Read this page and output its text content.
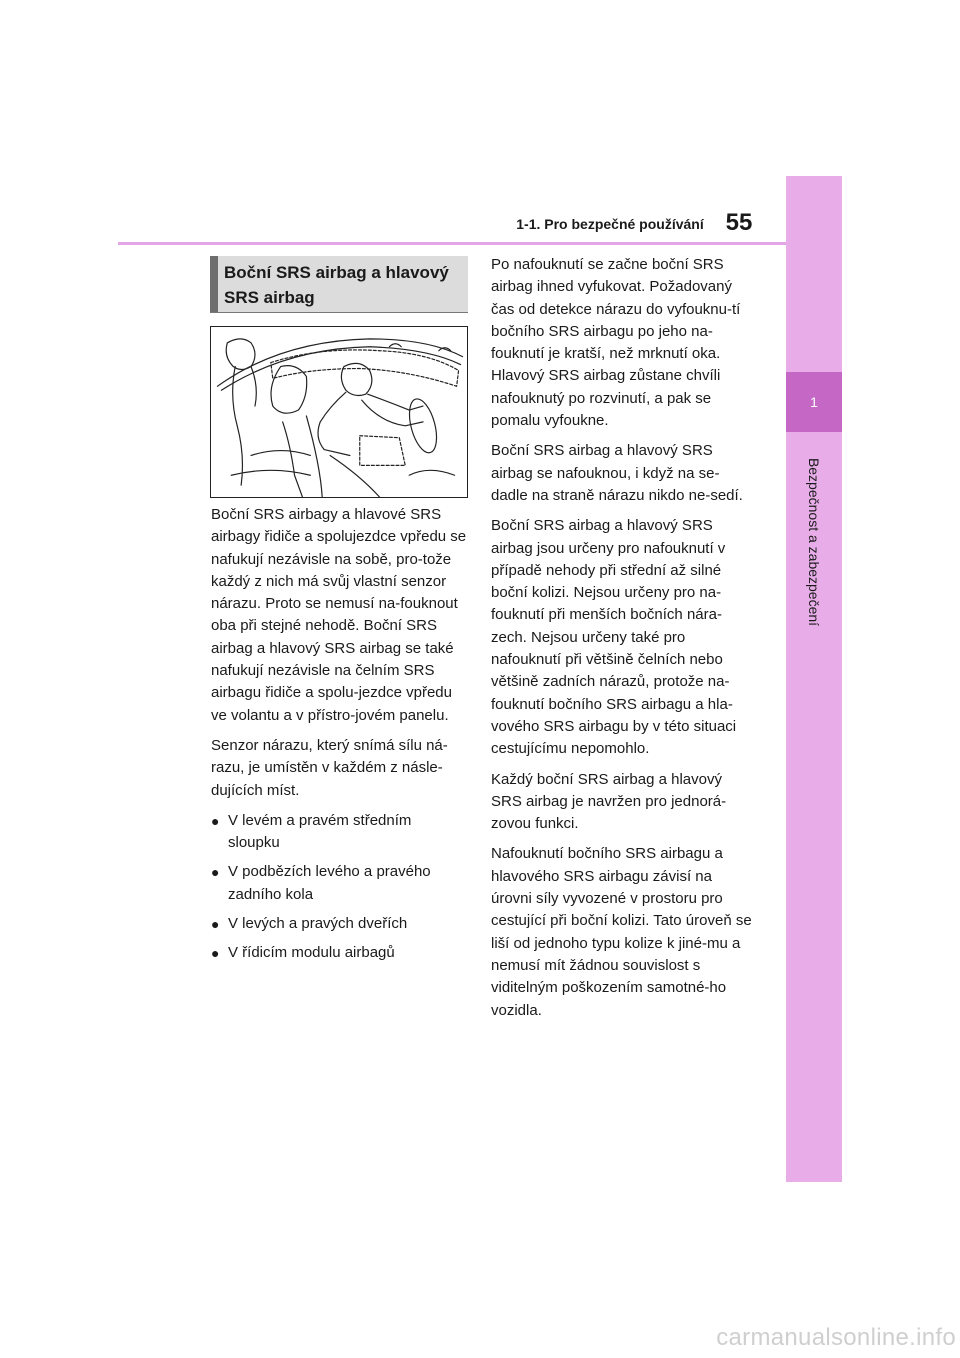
1-1. Pro bezpečné používání 55
1
Bezpečnost a zabezpečení
Boční SRS airbag a hlavový SRS airbag

Boční SRS airbagy a hlavové SRS airbagy řidiče a spolujezdce vpředu se nafukují nezávisle na sobě, pro-tože každý z nich má svůj vlastní senzor nárazu. Proto se nemusí na-fouknout oba při stejné nehodě. Boční SRS airbag a hlavový SRS airbag se také nafukují nezávisle na čelním SRS airbagu řidiče a spolu-jezdce vpředu ve volantu a v přístro-jovém panelu.

Senzor nárazu, který snímá sílu ná-razu, je umístěn v každém z násle-dujících míst.

● V levém a pravém středním sloupku
● V podbězích levého a pravého zadního kola
● V levých a pravých dveřích
● V řídicím modulu airbagů

Po nafouknutí se začne boční SRS airbag ihned vyfukovat. Požadovaný čas od detekce nárazu do vyfouknu-tí bočního SRS airbagu po jeho na-fouknutí je kratší, než mrknutí oka. Hlavový SRS airbag zůstane chvíli nafouknutý po rozvinutí, a pak se pomalu vyfoukne.

Boční SRS airbag a hlavový SRS airbag se nafouknou, i když na se-dadle na straně nárazu nikdo ne-sedí.

Boční SRS airbag a hlavový SRS airbag jsou určeny pro nafouknutí v případě nehody při střední až silné boční kolizi. Nejsou určeny pro na-fouknutí při menších bočních nára-zech. Nejsou určeny také pro nafouknutí při většině čelních nebo většině zadních nárazů, protože na-fouknutí bočního SRS airbagu a hla-vového SRS airbagu by v této situaci cestujícímu nepomohlo.

Každý boční SRS airbag a hlavový SRS airbag je navržen pro jednorá-zovou funkci.

Nafouknutí bočního SRS airbagu a hlavového SRS airbagu závisí na úrovni síly vyvozené v prostoru pro cestující při boční kolizi. Tato úroveň se liší od jednoho typu kolize k jiné-mu a nemusí mít žádnou souvislost s viditelným poškozením samotné-ho vozidla.

carmanualsonline.info
